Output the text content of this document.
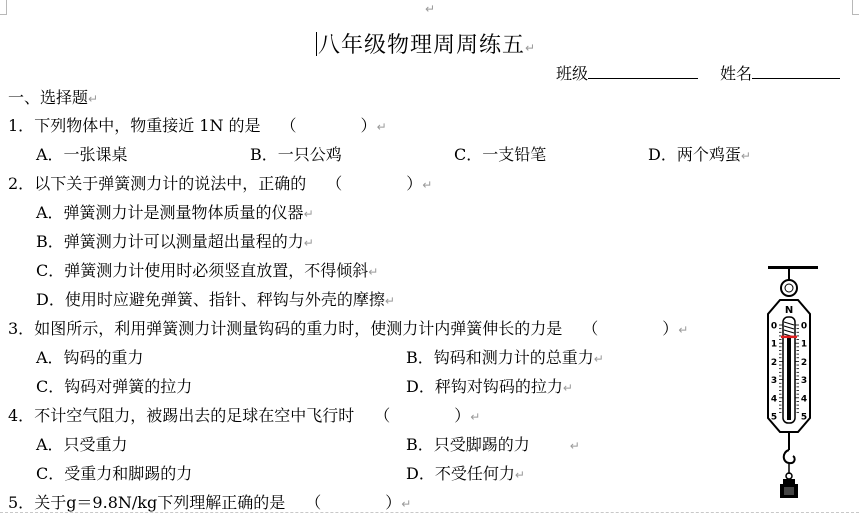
↵
八年级物理周周练五↵
班级	姓名
一、选择题↵
1．下列物体中，物重接近 1N 的是 （　　　　）↵
A．一张课桌	B．一只公鸡	C．一支铅笔	D．两个鸡蛋↵
2．以下关于弹簧测力计的说法中，正确的 （　　　　）↵
A．弹簧测力计是测量物体质量的仪器↵
B．弹簧测力计可以测量超出量程的力↵
C．弹簧测力计使用时必须竖直放置，不得倾斜↵
D．使用时应避免弹簧、指针、秤钩与外壳的摩擦↵
3．如图所示，利用弹簧测力计测量钩码的重力时，使测力计内弹簧伸长的力是 （　　　　）↵
A．钩码的重力	B．钩码和测力计的总重力↵
C．钩码对弹簧的拉力	D．秤钩对钩码的拉力↵
4．不计空气阻力，被踢出去的足球在空中飞行时 （　　　　）↵
A．只受重力	B．只受脚踢的力	↵
C．受重力和脚踢的力	D．不受任何力↵
5．关于g＝9.8N/kg下列理解正确的是 （　　　　）↵
N
0	0
1	1
2	2
3	3
4	4
5	5
